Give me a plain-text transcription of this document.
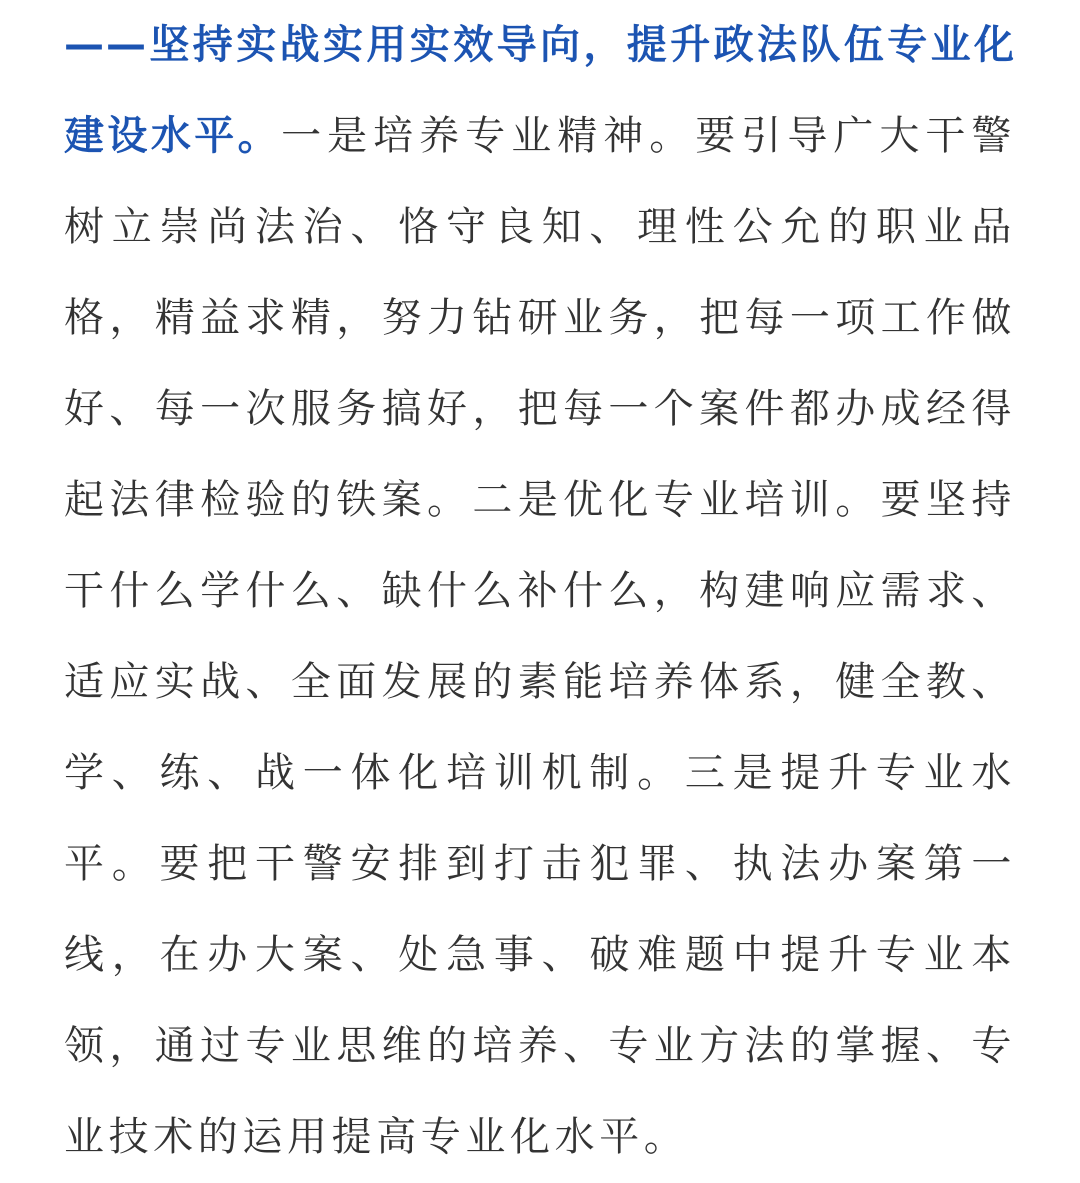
——坚持实战实用实效导向，提升政法队伍专业化建设水平。一是培养专业精神。要引导广大干警树立崇尚法治、恪守良知、理性公允的职业品格，精益求精，努力钻研业务，把每一项工作做好、每一次服务搞好，把每一个案件都办成经得起法律检验的铁案。二是优化专业培训。要坚持干什么学什么、缺什么补什么，构建响应需求、适应实战、全面发展的素能培养体系，健全教、学、练、战一体化培训机制。三是提升专业水平。要把干警安排到打击犯罪、执法办案第一线，在办大案、处急事、破难题中提升专业本领，通过专业思维的培养、专业方法的掌握、专业技术的运用提高专业化水平。
